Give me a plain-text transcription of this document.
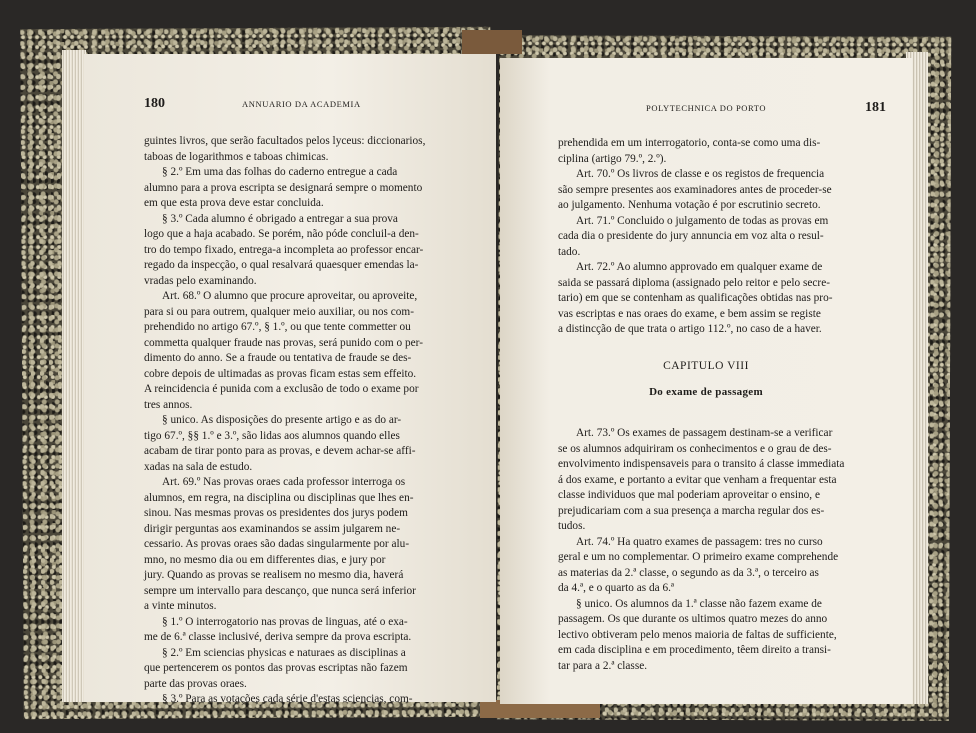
180	ANNUARIO DA ACADEMIA

guintes livros, que serão facultados pelos lyceus: diccionarios,

taboas de logarithmos e taboas chimicas.

§ 2.º Em uma das folhas do caderno entregue a cada

alumno para a prova escripta se designará sempre o momento

em que esta prova deve estar concluida.

§ 3.º Cada alumno é obrigado a entregar a sua prova

logo que a haja acabado. Se porém, não póde concluil-a den-

tro do tempo fixado, entrega-a incompleta ao professor encar-

regado da inspecção, o qual resalvará quaesquer emendas la-

vradas pelo examinando.

Art. 68.º O alumno que procure aproveitar, ou aproveite,

para si ou para outrem, qualquer meio auxiliar, ou nos com-

prehendido no artigo 67.º, § 1.º, ou que tente commetter ou

commetta qualquer fraude nas provas, será punido com o per-

dimento do anno. Se a fraude ou tentativa de fraude se des-

cobre depois de ultimadas as provas ficam estas sem effeito.

A reincidencia é punida com a exclusão de todo o exame por

tres annos.

§ unico. As disposições do presente artigo e as do ar-

tigo 67.º, §§ 1.º e 3.º, são lidas aos alumnos quando elles

acabam de tirar ponto para as provas, e devem achar-se affi-

xadas na sala de estudo.

Art. 69.º Nas provas oraes cada professor interroga os

alumnos, em regra, na disciplina ou disciplinas que lhes en-

sinou. Nas mesmas provas os presidentes dos jurys podem

dirigir perguntas aos examinandos se assim julgarem ne-

cessario. As provas oraes são dadas singularmente por alu-

mno, no mesmo dia ou em differentes dias, e jury por

jury. Quando as provas se realisem no mesmo dia, haverá

sempre um intervallo para descanço, que nunca será inferior

a vinte minutos.

§ 1.º O interrogatorio nas provas de linguas, até o exa-

me de 6.ª classe inclusivé, deriva sempre da prova escripta.

§ 2.º Em sciencias physicas e naturaes as disciplinas a

que pertencerem os pontos das provas escriptas não fazem

parte das provas oraes.

§ 3.º Para as votações cada série d'estas sciencias, com-

POLYTECHNICA DO PORTO	181

prehendida em um interrogatorio, conta-se como uma dis-

ciplina (artigo 79.º, 2.º).

Art. 70.º Os livros de classe e os registos de frequencia

são sempre presentes aos examinadores antes de proceder-se

ao julgamento. Nenhuma votação é por escrutinio secreto.

Art. 71.º Concluido o julgamento de todas as provas em

cada dia o presidente do jury annuncia em voz alta o resul-

tado.

Art. 72.º Ao alumno approvado em qualquer exame de

saida se passará diploma (assignado pelo reitor e pelo secre-

tario) em que se contenham as qualificações obtidas nas pro-

vas escriptas e nas oraes do exame, e bem assim se registe

a distincção de que trata o artigo 112.º, no caso de a haver.

CAPITULO VIII
Do exame de passagem

Art. 73.º Os exames de passagem destinam-se a verificar

se os alumnos adquiriram os conhecimentos e o grau de des-

envolvimento indispensaveis para o transito á classe immediata

á dos exame, e portanto a evitar que venham a frequentar esta

classe individuos que mal poderiam aproveitar o ensino, e

prejudicariam com a sua presença a marcha regular dos es-

tudos.

Art. 74.º Ha quatro exames de passagem: tres no curso

geral e um no complementar. O primeiro exame comprehende

as materias da 2.ª classe, o segundo as da 3.ª, o terceiro as

da 4.ª, e o quarto as da 6.ª

§ unico. Os alumnos da 1.ª classe não fazem exame de

passagem. Os que durante os ultimos quatro mezes do anno

lectivo obtiveram pelo menos maioria de faltas de sufficiente,

em cada disciplina e em procedimento, têem direito a transi-

tar para a 2.ª classe.
